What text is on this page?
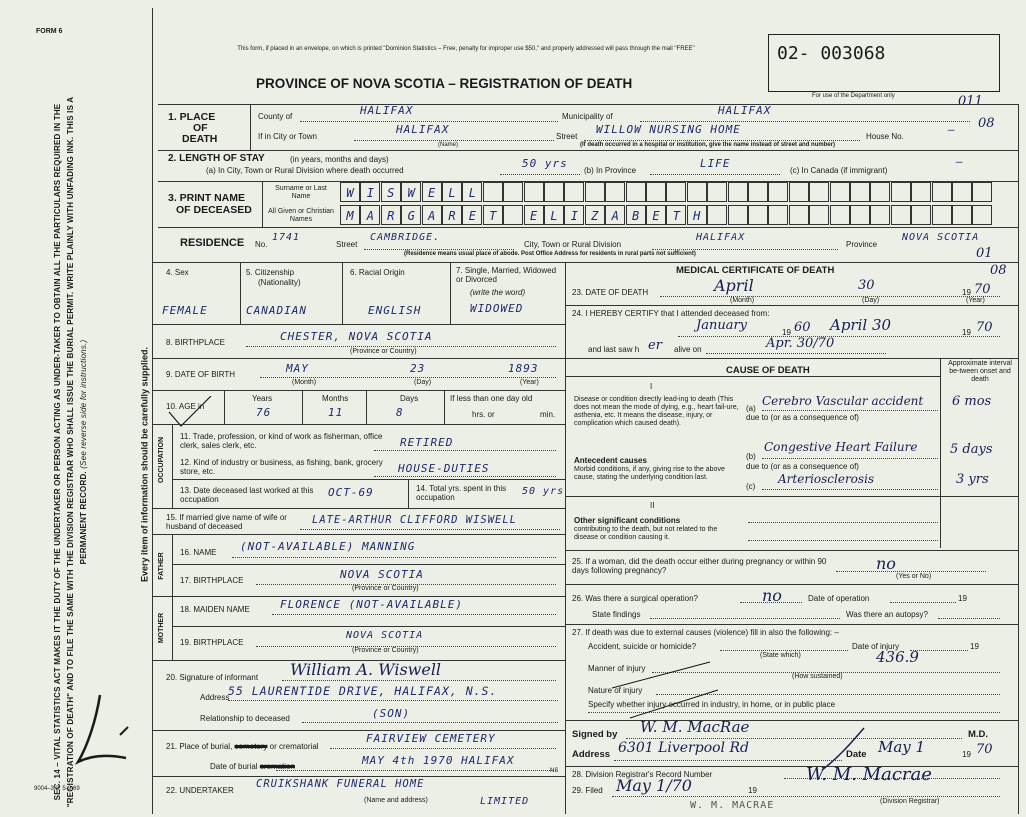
FORM 6
This form, if placed in an envelope, on which is printed "Dominion Statistics – Free, penalty for improper use $50," and properly addressed will pass through the mail "FREE"
PROVINCE OF NOVA SCOTIA – REGISTRATION OF DEATH
02- 003068
For use of the Department only	011
08
SEC. 14 – VITAL STATISTICS ACT MAKES IT THE DUTY OF THE UNDERTAKER OR PERSON ACTING AS UNDER-TAKER TO OBTAIN ALL THE PARTICULARS REQUIRED IN THE "REGISTRATION OF DEATH" AND TO FILE THE SAME WITH THE DIVISION REGISTRAR WHO SHALL ISSUE THE BURIAL PERMIT. WRITE PLAINLY WITH UNFADING INK. THIS IS A PERMANENT RECORD. (See reverse side for instructions.)	Every item of information should be carefully supplied.
9004–3.2: 5-2-69
1. PLACE
OF
DEATH
County of	HALIFAX	Municipality of	HALIFAX
If in City or Town
HALIFAX
(Name)
Street
WILLOW NURSING HOME
House No.
—
(If death occurred in a hospital or institution, give the name instead of street and number)
2. LENGTH OF STAY	(in years, months and days)
(a) In City, Town or Rural Division where death occurred
50 yrs
(b) In Province
LIFE
(c) In Canada (if immigrant)
—
3. PRINT NAME
OF DECEASED
Surname or Last Name
All Given or Christian Names
W	I	S	W	E	L	L
M	A	R	G	A	R	E	T	E	L	I	Z	A	B	E	T	H
RESIDENCE No.
1741
Street
CAMBRIDGE.
City, Town or Rural Division
HALIFAX
Province
NOVA SCOTIA
(Residence means usual place of abode. Post Office Address for residents in rural parts not sufficient)	01
08
4. Sex
FEMALE
5. Citizenship
(Nationality)
CANADIAN
6. Racial Origin
ENGLISH
7. Single, Married, Widowed or Divorced
(write the word)
WIDOWED
8. BIRTHPLACE	CHESTER, NOVA SCOTIA
(Province or Country)
9. DATE OF BIRTH	MAY	23	1893
(Month)	(Day)	(Year)
10. AGE in
Years
76
Months
11
Days
8
If less than one day old
hrs. or	min.
OCCUPATION
11. Trade, profession, or kind of work as fisherman, office clerk, sales clerk, etc.	RETIRED
12. Kind of industry or business, as fishing, bank, grocery store, etc.	HOUSE-DUTIES
13. Date deceased last worked at this occupation
OCT-69	14. Total yrs. spent in this occupation
50 yrs
15. If married give name of wife or husband of deceased
LATE-ARTHUR CLIFFORD WISWELL
FATHER 16. NAME (NOT-AVAILABLE) MANNING
17. BIRTHPLACE	NOVA SCOTIA
(Province or Country)
MOTHER
18. MAIDEN NAME	FLORENCE (NOT-AVAILABLE)
19. BIRTHPLACE
NOVA SCOTIA
(Province or Country)
20. Signature of informant William A. Wiswell
Address
55 LAURENTIDE DRIVE, HALIFAX, N.S.
Relationship to deceased	(SON)
21. Place of burial, cemetery or crematorial
FAIRVIEW CEMETERY
Date of burial cremation	MAY 4th 1970 HALIFAX
NS
22. UNDERTAKER
CRUIKSHANK FUNERAL HOME
(Name and address)	LIMITED
MEDICAL CERTIFICATE OF DEATH
23. DATE OF DEATH	April	30	19 70
(Month)	(Day)	(Year)
24. I HEREBY CERTIFY that I attended deceased from:
January	19 60 April 30	19 70
and last saw h er alive on	Apr. 30/70
CAUSE OF DEATH
Approximate interval be-tween onset and death
I
Disease or condition directly lead-ing to death (This does not mean the mode of dying, e.g., heart fail-ure, asthenia, etc. It means the disease, injury, or complication which caused death).
(a)
Cerebro Vascular accident
due to (or as a consequence of)
6 mos
Antecedent causes
Morbid conditions, if any, giving rise to the above cause, stating the underlying condition last.
(b)
Congestive Heart Failure
due to (or as a consequence of)
5 days
(c)
Arteriosclerosis	3 yrs
II
Other significant conditions
contributing to the death, but not related to the disease or condition causing it.
25. If a woman, did the death occur either during pregnancy or within 90 days following pregnancy?	no
(Yes or No)
26. Was there a surgical operation?	no	Date of operation	19
State findings	Was there an autopsy?
27. If death was due to external causes (violence) fill in also the following: –
Accident, suicide or homicide?	Date of injury	19
(State which)	436.9
Manner of injury
(How sustained)
Nature of injury
Specify whether injury occurred in industry, in home, or in public place
Signed by W. M. MacRae	M.D.
Address 6301 Liverpool Rd	Date May 1	19 70
28. Division Registrar's Record Number
29. Filed May 1/70	19
W. M. Macrae
(Division Registrar)
W. M. MACRAE
